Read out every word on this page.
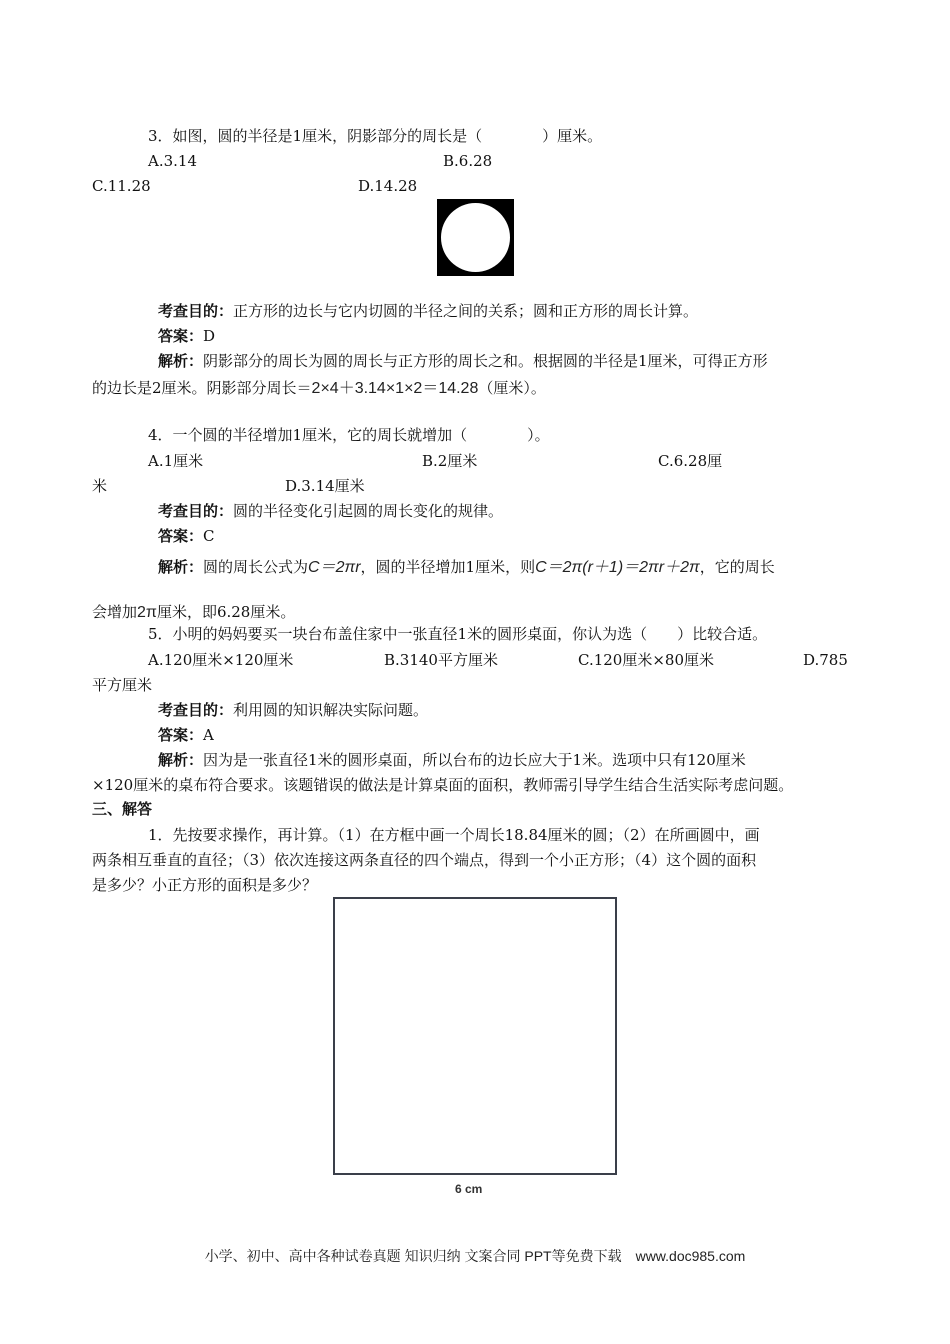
3．如图，圆的半径是1厘米，阴影部分的周长是（　　　　）厘米。
A.3.14	B.6.28
C.11.28	D.14.28
考查目的：正方形的边长与它内切圆的半径之间的关系；圆和正方形的周长计算。
答案：D
解析：阴影部分的周长为圆的周长与正方形的周长之和。根据圆的半径是1厘米，可得正方形
的边长是2厘米。阴影部分周长＝2×4＋3.14×1×2＝14.28（厘米）。
4．一个圆的半径增加1厘米，它的周长就增加（　　　　）。
A.1厘米	B.2厘米	C.6.28厘
米	D.3.14厘米
考查目的：圆的半径变化引起圆的周长变化的规律。
答案：C
解析：圆的周长公式为C＝2πr，圆的半径增加1厘米，则C＝2π(r＋1)＝2πr＋2π，它的周长
会增加2π厘米，即6.28厘米。
5．小明的妈妈要买一块台布盖住家中一张直径1米的圆形桌面，你认为选（　　）比较合适。
A.120厘米×120厘米	B.3140平方厘米	C.120厘米×80厘米	D.785
平方厘米
考查目的：利用圆的知识解决实际问题。
答案：A
解析：因为是一张直径1米的圆形桌面，所以台布的边长应大于1米。选项中只有120厘米
×120厘米的桌布符合要求。该题错误的做法是计算桌面的面积，教师需引导学生结合生活实际考虑问题。
三、解答
1．先按要求操作，再计算。（1）在方框中画一个周长18.84厘米的圆；（2）在所画圆中，画
两条相互垂直的直径；（3）依次连接这两条直径的四个端点，得到一个小正方形；（4）这个圆的面积
是多少？小正方形的面积是多少？
6 cm
小学、初中、高中各种试卷真题 知识归纳 文案合同 PPT等免费下载　www.doc985.com
